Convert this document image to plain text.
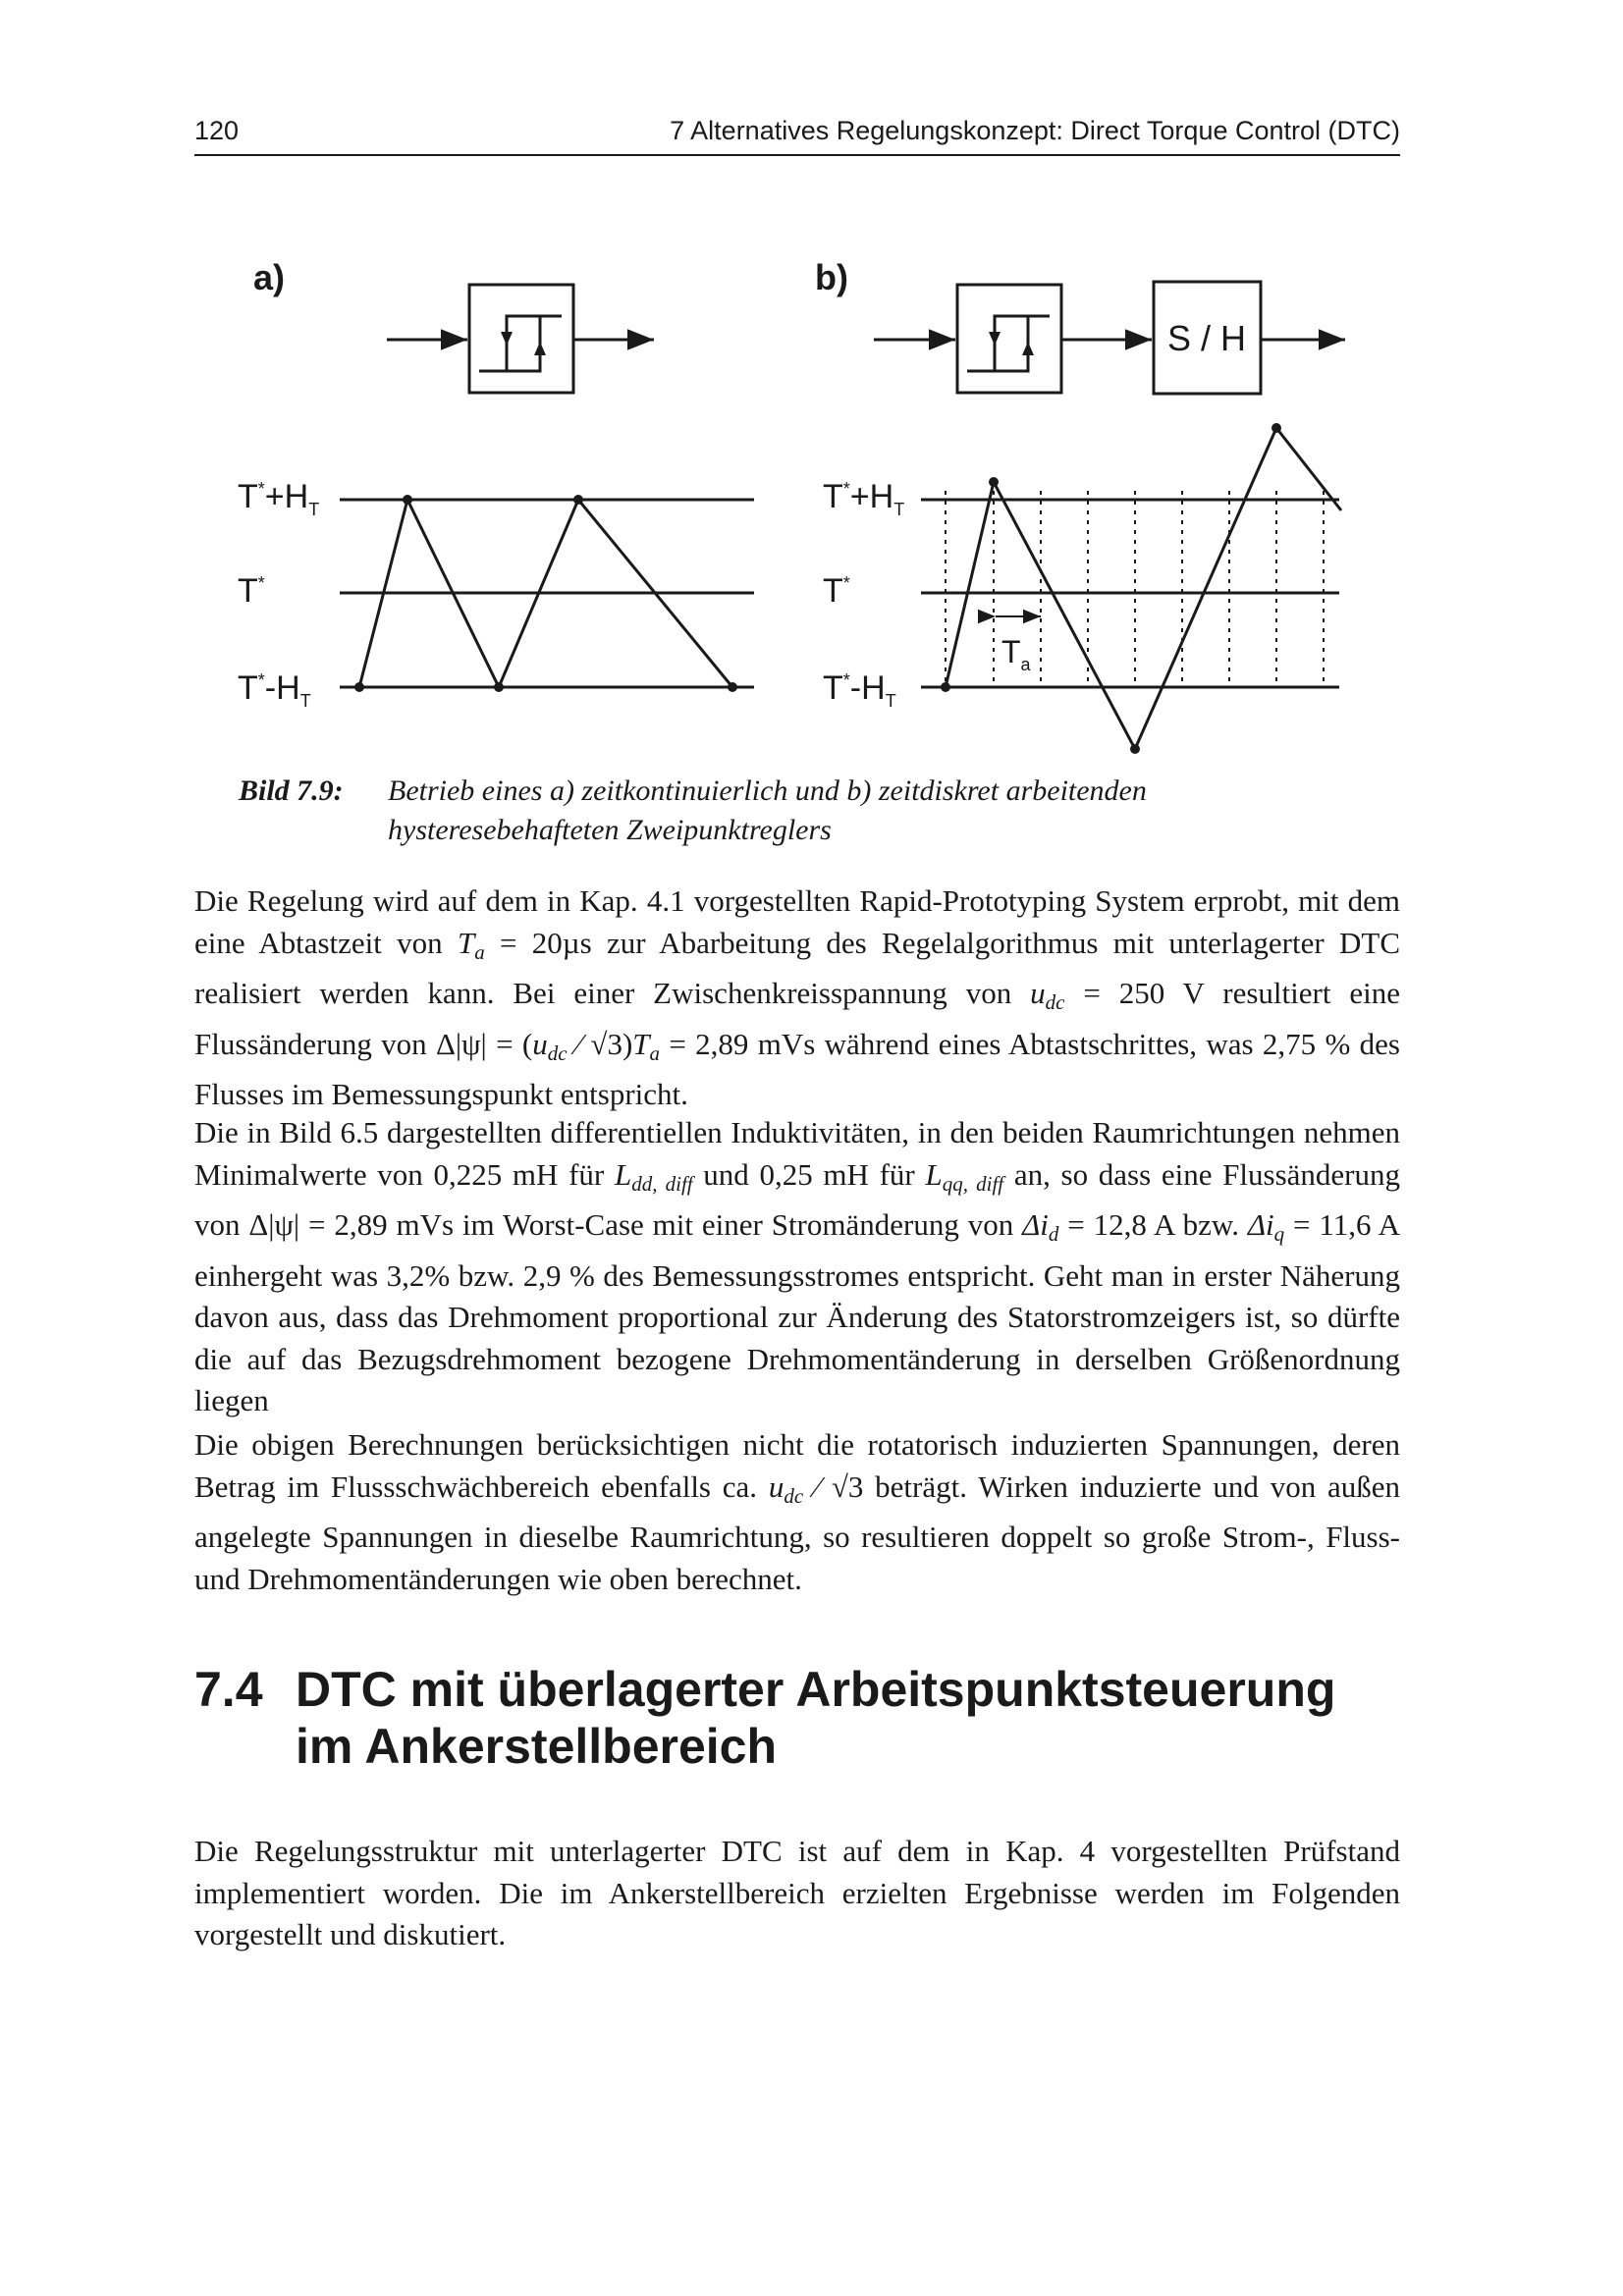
120	7 Alternatives Regelungskonzept: Direct Torque Control (DTC)
a)	b)
S / H
$T^*+H_T$
T*
$T^*-H_T$
$T^*+H_T$
T*
$T^*-H_T$
$T_a$
Bild 7.9: Betrieb eines a) zeitkontinuierlich und b) zeitdiskret arbeitenden hysteresebehafteten Zweipunktreglers
Die Regelung wird auf dem in Kap. 4.1 vorgestellten Rapid-Prototyping System erprobt, mit dem eine Abtastzeit von $T_a = 20\mu s$ zur Abarbeitung des Regelalgorithmus mit unterlagerter DTC realisiert werden kann. Bei einer Zwischenkreisspannung von $u_{dc} = 250$ V resultiert eine Flussänderung von $\Delta|\psi| = (u_{dc}$ ⁄ $√3)T_a = 2,89$ mVs während eines Abtastschrittes, was 2,75 % des Flusses im Bemessungspunkt entspricht.
Die in Bild 6.5 dargestellten differentiellen Induktivitäten, in den beiden Raumrichtungen nehmen Minimalwerte von 0,225 mH für $L_{dd, diff}$ und 0,25 mH für $L_{qq, diff}$ an, so dass eine Flussänderung von Δ|ψ| = 2,89 mVs im Worst-Case mit einer Stromänderung von $\Delta i_d = 12,8$ A bzw. $\Delta i_q = 11,6$ A einhergeht was 3,2% bzw. 2,9 % des Bemessungsstromes entspricht. Geht man in erster Näherung davon aus, dass das Drehmoment proportional zur Änderung des Statorstromzeigers ist, so dürfte die auf das Bezugsdrehmoment bezogene Drehmomentänderung in derselben Größenordnung liegen
Die obigen Berechnungen berücksichtigen nicht die rotatorisch induzierten Spannungen, deren Betrag im Flussschwächbereich ebenfalls ca. $u_{dc}$ ⁄ √3 beträgt. Wirken induzierte und von außen angelegte Spannungen in dieselbe Raumrichtung, so resultieren doppelt so große Strom-, Fluss- und Drehmomentänderungen wie oben berechnet.
7.4 DTC mit überlagerter Arbeitspunktsteuerung im Ankerstellbereich
Die Regelungsstruktur mit unterlagerter DTC ist auf dem in Kap. 4 vorgestellten Prüfstand implementiert worden. Die im Ankerstellbereich erzielten Ergebnisse werden im Folgenden vorgestellt und diskutiert.
